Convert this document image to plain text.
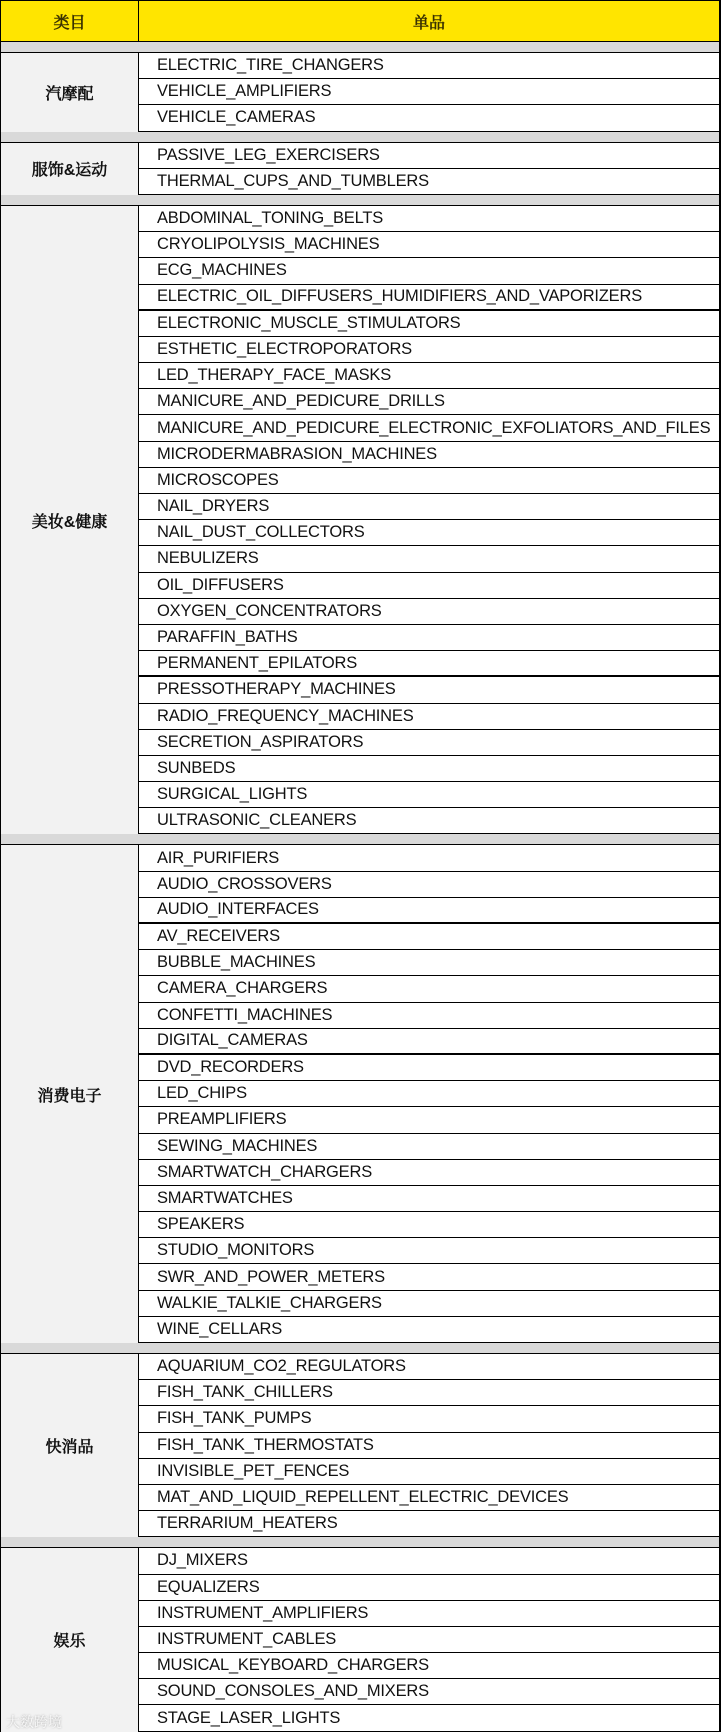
类目	单品
汽摩配
ELECTRIC_TIRE_CHANGERS
VEHICLE_AMPLIFIERS
VEHICLE_CAMERAS
服饰&运动
PASSIVE_LEG_EXERCISERS
THERMAL_CUPS_AND_TUMBLERS
美妆&健康
ABDOMINAL_TONING_BELTS
CRYOLIPOLYSIS_MACHINES
ECG_MACHINES
ELECTRIC_OIL_DIFFUSERS_HUMIDIFIERS_AND_VAPORIZERS
ELECTRONIC_MUSCLE_STIMULATORS
ESTHETIC_ELECTROPORATORS
LED_THERAPY_FACE_MASKS
MANICURE_AND_PEDICURE_DRILLS
MANICURE_AND_PEDICURE_ELECTRONIC_EXFOLIATORS_AND_FILES
MICRODERMABRASION_MACHINES
MICROSCOPES
NAIL_DRYERS
NAIL_DUST_COLLECTORS
NEBULIZERS
OIL_DIFFUSERS
OXYGEN_CONCENTRATORS
PARAFFIN_BATHS
PERMANENT_EPILATORS
PRESSOTHERAPY_MACHINES
RADIO_FREQUENCY_MACHINES
SECRETION_ASPIRATORS
SUNBEDS
SURGICAL_LIGHTS
ULTRASONIC_CLEANERS
消费电子
AIR_PURIFIERS
AUDIO_CROSSOVERS
AUDIO_INTERFACES
AV_RECEIVERS
BUBBLE_MACHINES
CAMERA_CHARGERS
CONFETTI_MACHINES
DIGITAL_CAMERAS
DVD_RECORDERS
LED_CHIPS
PREAMPLIFIERS
SEWING_MACHINES
SMARTWATCH_CHARGERS
SMARTWATCHES
SPEAKERS
STUDIO_MONITORS
SWR_AND_POWER_METERS
WALKIE_TALKIE_CHARGERS
WINE_CELLARS
快消品
AQUARIUM_CO2_REGULATORS
FISH_TANK_CHILLERS
FISH_TANK_PUMPS
FISH_TANK_THERMOSTATS
INVISIBLE_PET_FENCES
MAT_AND_LIQUID_REPELLENT_ELECTRIC_DEVICES
TERRARIUM_HEATERS
娱乐
DJ_MIXERS
EQUALIZERS
INSTRUMENT_AMPLIFIERS
INSTRUMENT_CABLES
MUSICAL_KEYBOARD_CHARGERS
SOUND_CONSOLES_AND_MIXERS
STAGE_LASER_LIGHTS
大数跨境
